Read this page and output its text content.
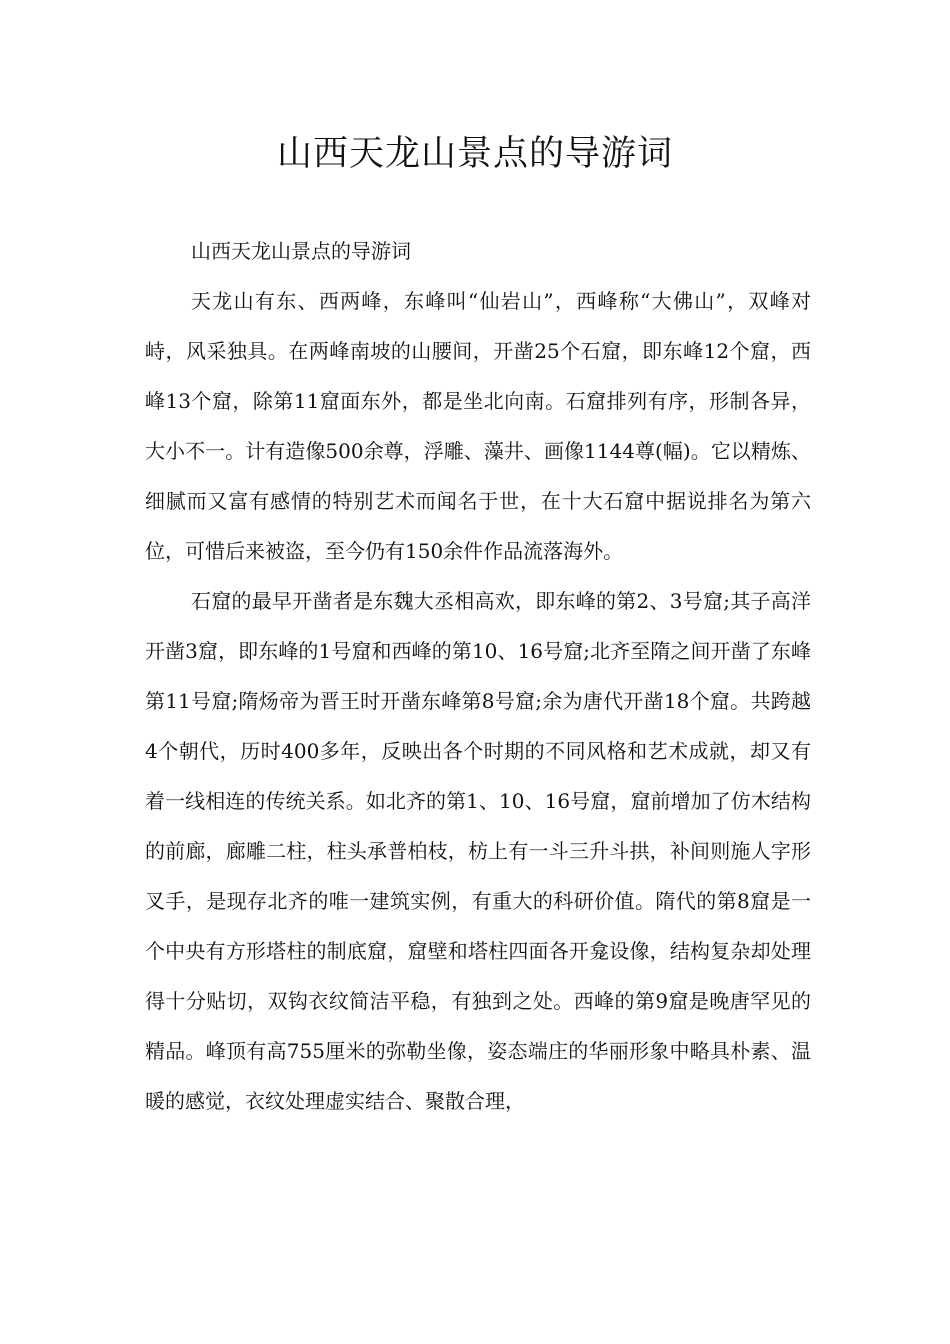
山西天龙山景点的导游词

山西天龙山景点的导游词

天龙山有东、西两峰，东峰叫“仙岩山”，西峰称“大佛山”，双峰对峙，风采独具。在两峰南坡的山腰间，开凿25个石窟，即东峰12个窟，西峰13个窟，除第11窟面东外，都是坐北向南。石窟排列有序，形制各异，大小不一。计有造像500余尊，浮雕、藻井、画像1144尊(幅)。它以精炼、细腻而又富有感情的特别艺术而闻名于世，在十大石窟中据说排名为第六位，可惜后来被盗，至今仍有150余件作品流落海外。

石窟的最早开凿者是东魏大丞相高欢，即东峰的第2、3号窟;其子高洋开凿3窟，即东峰的1号窟和西峰的第10、16号窟;北齐至隋之间开凿了东峰第11号窟;隋炀帝为晋王时开凿东峰第8号窟;余为唐代开凿18个窟。共跨越4个朝代，历时400多年，反映出各个时期的不同风格和艺术成就，却又有着一线相连的传统关系。如北齐的第1、10、16号窟，窟前增加了仿木结构的前廊，廊雕二柱，柱头承普柏枝，枋上有一斗三升斗拱，补间则施人字形叉手，是现存北齐的唯一建筑实例，有重大的科研价值。隋代的第8窟是一个中央有方形塔柱的制底窟，窟壁和塔柱四面各开龛设像，结构复杂却处理得十分贴切，双钩衣纹简洁平稳，有独到之处。西峰的第9窟是晚唐罕见的精品。峰顶有高755厘米的弥勒坐像，姿态端庄的华丽形象中略具朴素、温暖的感觉，衣纹处理虚实结合、聚散合理，
